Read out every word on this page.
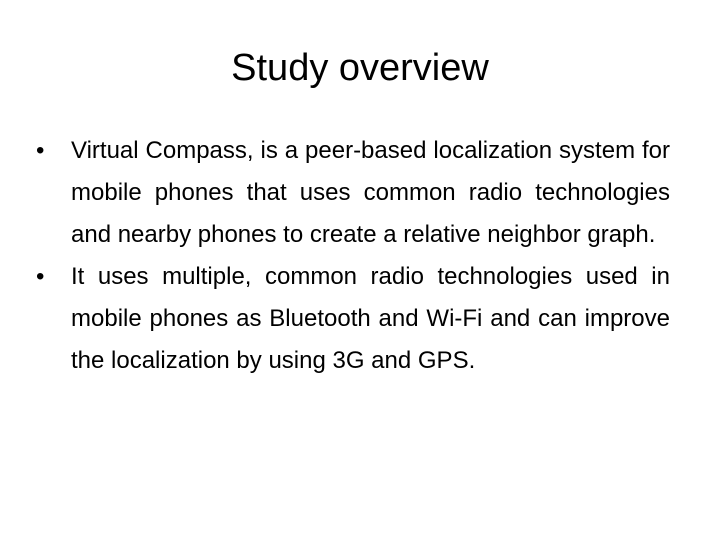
Study overview
•	Virtual Compass, is a peer-based localization system for mobile phones that uses common radio technologies and nearby phones to create a relative neighbor graph.
•	It uses multiple, common radio technologies used in mobile phones as Bluetooth and Wi-Fi and can improve the localization by using 3G and GPS.
